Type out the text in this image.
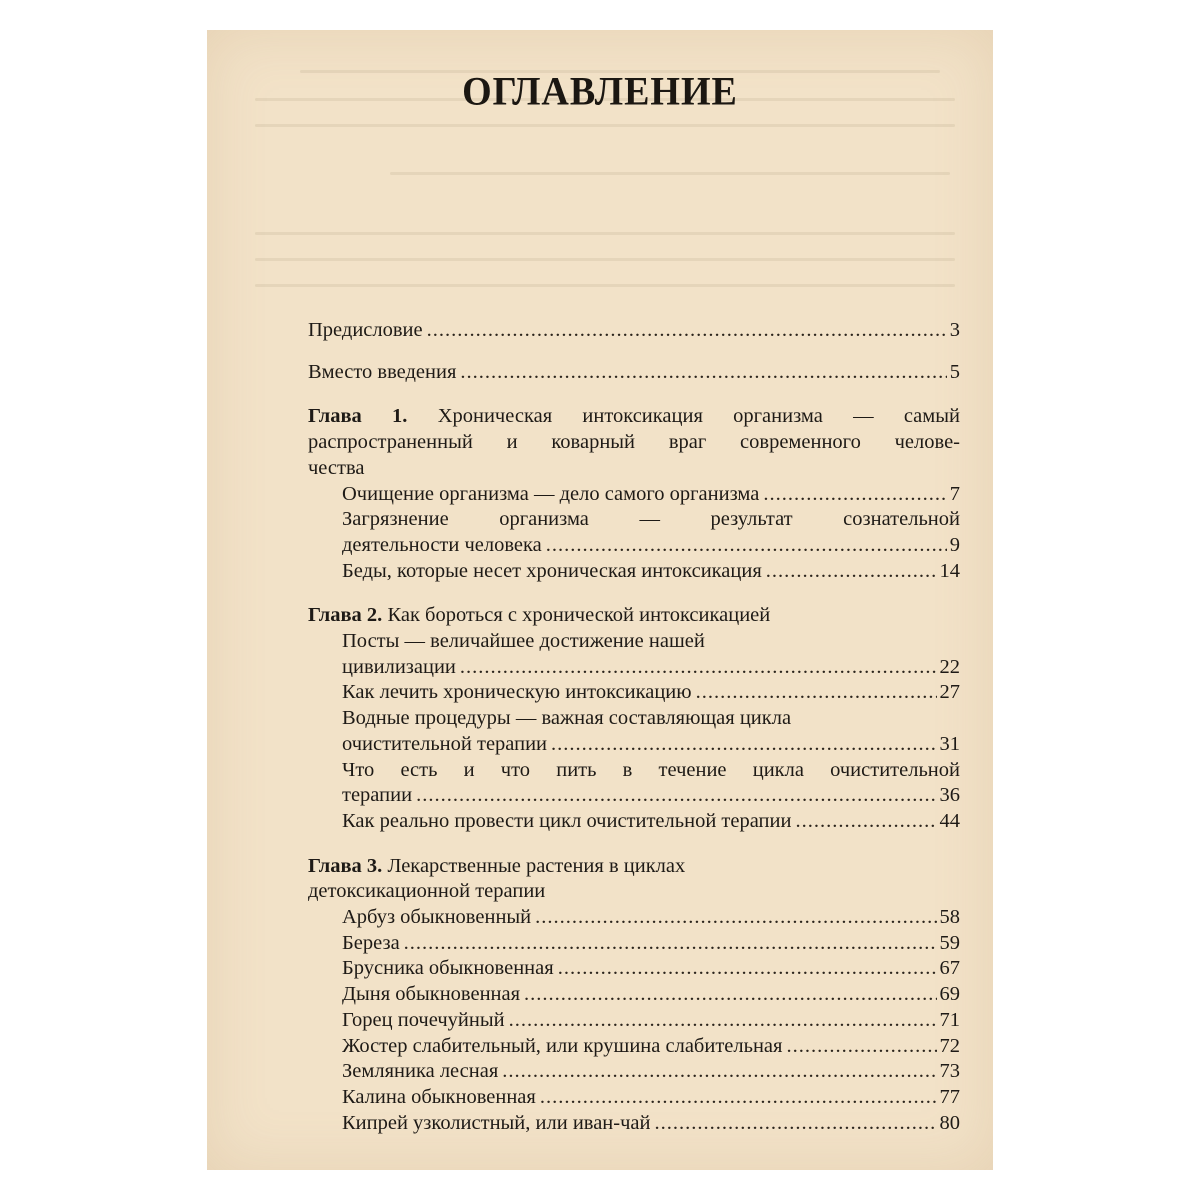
ОГЛАВЛЕНИЕ
Предисловие .....	3
Вместо введения .....	5
Глава 1. Хроническая интоксикация организма — самый
распространенный и коварный враг современного челове-
чества
Очищение организма — дело самого организма .....	7
Загрязнение организма — результат сознательной
деятельности человека .....	9
Беды, которые несет хроническая интоксикация .....	14
Глава 2. Как бороться с хронической интоксикацией
Посты — величайшее достижение нашей
цивилизации .....	22
Как лечить хроническую интоксикацию .....	27
Водные процедуры — важная составляющая цикла
очистительной терапии .....	31
Что есть и что пить в течение цикла очистительной
терапии .....	36
Как реально провести цикл очистительной терапии .....	44
Глава 3. Лекарственные растения в циклах
детоксикационной терапии
Арбуз обыкновенный .....	58
Береза .....	59
Брусника обыкновенная .....	67
Дыня обыкновенная .....	69
Горец почечуйный .....	71
Жостер слабительный, или крушина слабительная .....	72
Земляника лесная .....	73
Калина обыкновенная .....	77
Кипрей узколистный, или иван-чай .....	80
